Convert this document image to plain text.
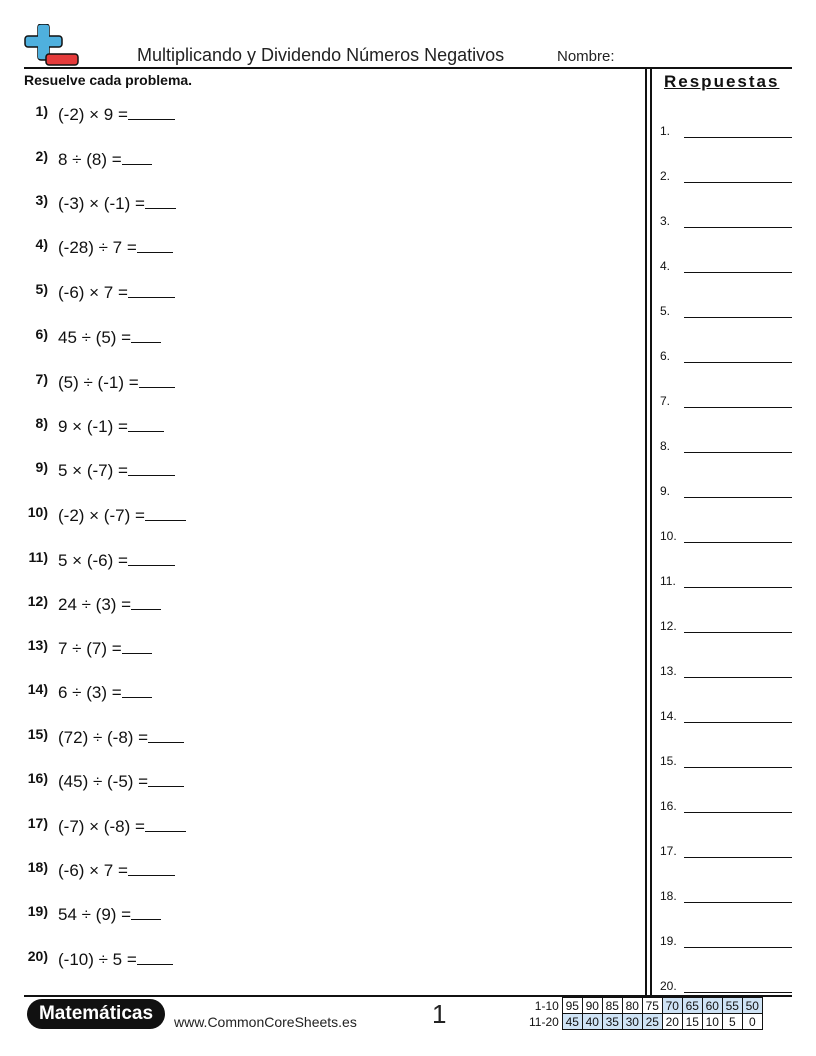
Multiplicando y Dividendo Números Negativos	Nombre:
Resuelve cada problema.
1) (-2) × 9 =
2) 8 ÷ (8) =
3) (-3) × (-1) =
4) (-28) ÷ 7 =
5) (-6) × 7 =
6) 45 ÷ (5) =
7) (5) ÷ (-1) =
8) 9 × (-1) =
9) 5 × (-7) =
10) (-2) × (-7) =
11) 5 × (-6) =
12) 24 ÷ (3) =
13) 7 ÷ (7) =
14) 6 ÷ (3) =
15) (72) ÷ (-8) =
16) (45) ÷ (-5) =
17) (-7) × (-8) =
18) (-6) × 7 =
19) 54 ÷ (9) =
20) (-10) ÷ 5 =
Respuestas
1.
2.
3.
4.
5.
6.
7.
8.
9.
10.
11.
12.
13.
14.
15.
16.
17.
18.
19.
20.
Matemáticas www.CommonCoreSheets.es	1	1-10	95	90	85	80	75	70	65	60	55	50
11-20	45	40	35	30	25	20	15	10	5	0
